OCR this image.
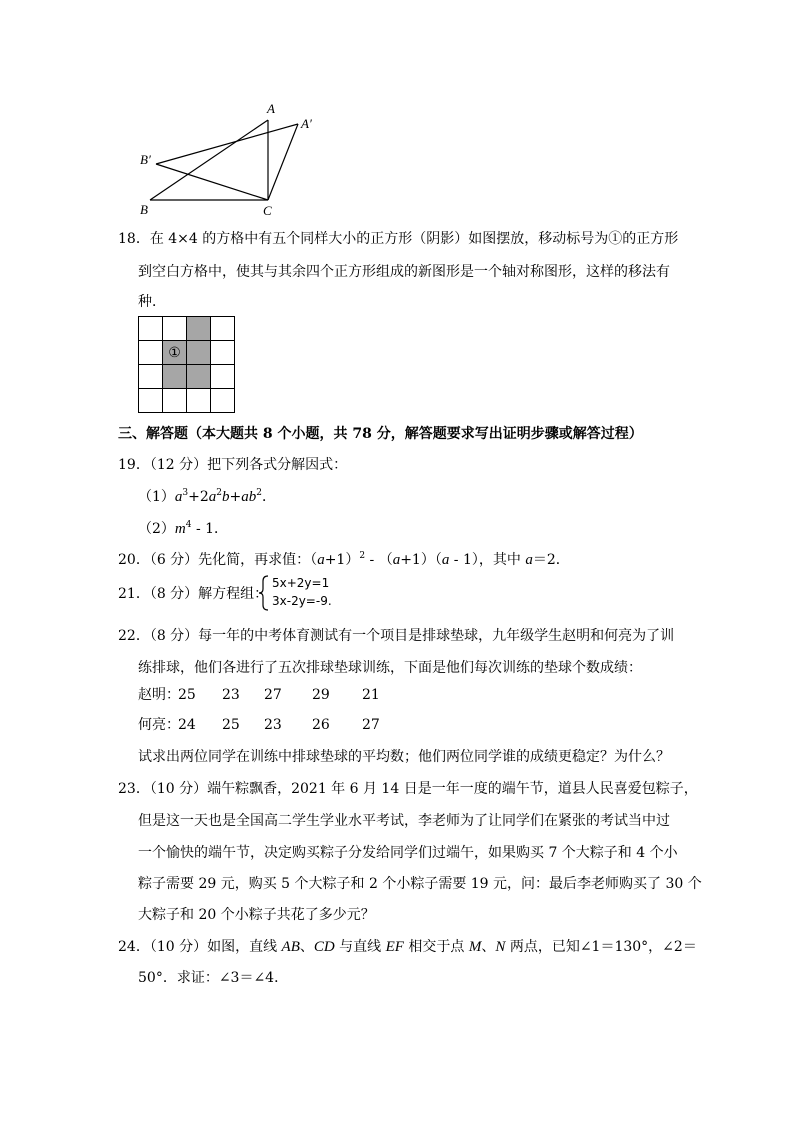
A
A′
B′
B	C
18．在 4×4 的方格中有五个同样大小的正方形（阴影）如图摆放，移动标号为①的正方形
到空白方格中，使其与其余四个正方形组成的新图形是一个轴对称图形，这样的移法有
种．

	①		

三、解答题（本大题共 8 个小题，共 78 分，解答题要求写出证明步骤或解答过程）
19．（12 分）把下列各式分解因式：
$(1)a^3+2a^2b+ab^2$．
$(2)m^4 - 1$．
20．（6 分）先化简，再求值：$(a+1)^2 - (a+1)(a - 1)$，其中 a＝2．
21．（8 分）解方程组：
5x+2y=1
3x-2y=-9.
22．（8 分）每一年的中考体育测试有一个项目是排球垫球，九年级学生赵明和何亮为了训
练排球，他们各进行了五次排球垫球训练，下面是他们每次训练的垫球个数成绩：
赵明：
25 23 27 29 21
何亮：
24 25 23 26 27
试求出两位同学在训练中排球垫球的平均数；他们两位同学谁的成绩更稳定？为什么？
23．（10 分）端午粽飘香，2021 年 6 月 14 日是一年一度的端午节，道县人民喜爱包粽子，
但是这一天也是全国高二学生学业水平考试，李老师为了让同学们在紧张的考试当中过
一个愉快的端午节，决定购买粽子分发给同学们过端午，如果购买 7 个大粽子和 4 个小
粽子需要 29 元，购买 5 个大粽子和 2 个小粽子需要 19 元，问：最后李老师购买了 30 个
大粽子和 20 个小粽子共花了多少元？
24．（10 分）如图，直线 AB、CD 与直线 EF 相交于点 M、N 两点，已知∠1＝130°，∠2＝
50°．求证：∠3＝∠4．
